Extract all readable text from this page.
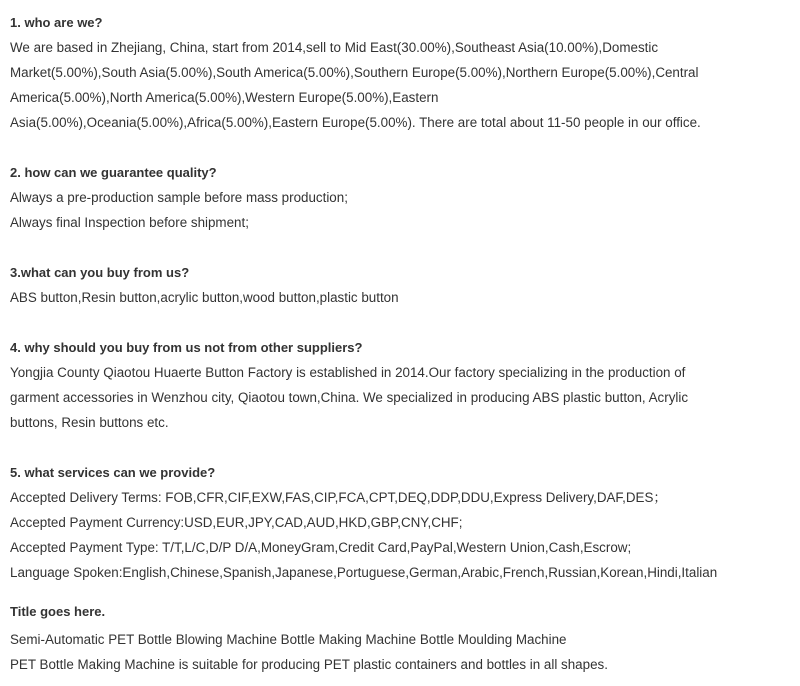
1. who are we?
We are based in Zhejiang, China, start from 2014,sell to Mid East(30.00%),Southeast Asia(10.00%),Domestic
Market(5.00%),South Asia(5.00%),South America(5.00%),Southern Europe(5.00%),Northern Europe(5.00%),Central
America(5.00%),North America(5.00%),Western Europe(5.00%),Eastern
Asia(5.00%),Oceania(5.00%),Africa(5.00%),Eastern Europe(5.00%). There are total about 11-50 people in our office.
2. how can we guarantee quality?
Always a pre-production sample before mass production;
Always final Inspection before shipment;
3.what can you buy from us?
ABS button,Resin button,acrylic button,wood button,plastic button
4. why should you buy from us not from other suppliers?
Yongjia County Qiaotou Huaerte Button Factory is established in 2014.Our factory specializing in the production of
garment accessories in Wenzhou city, Qiaotou town,China. We specialized in producing ABS plastic button, Acrylic
buttons, Resin buttons etc.
5. what services can we provide?
Accepted Delivery Terms: FOB,CFR,CIF,EXW,FAS,CIP,FCA,CPT,DEQ,DDP,DDU,Express Delivery,DAF,DES；
Accepted Payment Currency:USD,EUR,JPY,CAD,AUD,HKD,GBP,CNY,CHF;
Accepted Payment Type: T/T,L/C,D/P D/A,MoneyGram,Credit Card,PayPal,Western Union,Cash,Escrow;
Language Spoken:English,Chinese,Spanish,Japanese,Portuguese,German,Arabic,French,Russian,Korean,Hindi,Italian
Title goes here.
Semi-Automatic PET Bottle Blowing Machine Bottle Making Machine Bottle Moulding Machine
PET Bottle Making Machine is suitable for producing PET plastic containers and bottles in all shapes.
